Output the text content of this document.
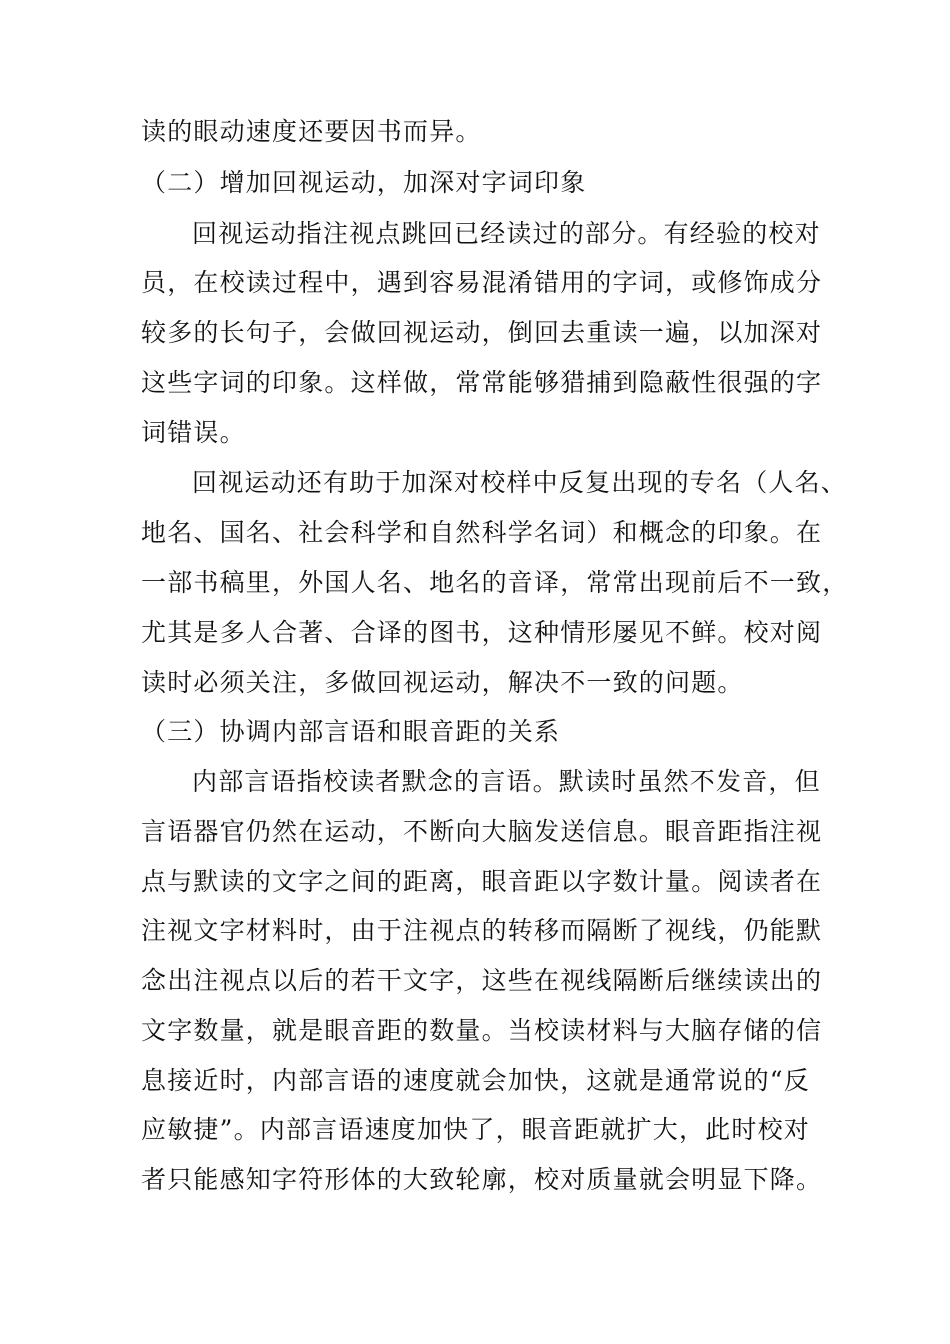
读的眼动速度还要因书而异。
（二）增加回视运动，加深对字词印象
回视运动指注视点跳回已经读过的部分。有经验的校对
员，在校读过程中，遇到容易混淆错用的字词，或修饰成分
较多的长句子，会做回视运动，倒回去重读一遍，以加深对
这些字词的印象。这样做，常常能够猎捕到隐蔽性很强的字
词错误。
回视运动还有助于加深对校样中反复出现的专名（人名、
地名、国名、社会科学和自然科学名词）和概念的印象。在
一部书稿里，外国人名、地名的音译，常常出现前后不一致，
尤其是多人合著、合译的图书，这种情形屡见不鲜。校对阅
读时必须关注，多做回视运动，解决不一致的问题。
（三）协调内部言语和眼音距的关系
内部言语指校读者默念的言语。默读时虽然不发音，但
言语器官仍然在运动，不断向大脑发送信息。眼音距指注视
点与默读的文字之间的距离，眼音距以字数计量。阅读者在
注视文字材料时，由于注视点的转移而隔断了视线，仍能默
念出注视点以后的若干文字，这些在视线隔断后继续读出的
文字数量，就是眼音距的数量。当校读材料与大脑存储的信
息接近时，内部言语的速度就会加快，这就是通常说的“反
应敏捷”。内部言语速度加快了，眼音距就扩大，此时校对
者只能感知字符形体的大致轮廓，校对质量就会明显下降。
